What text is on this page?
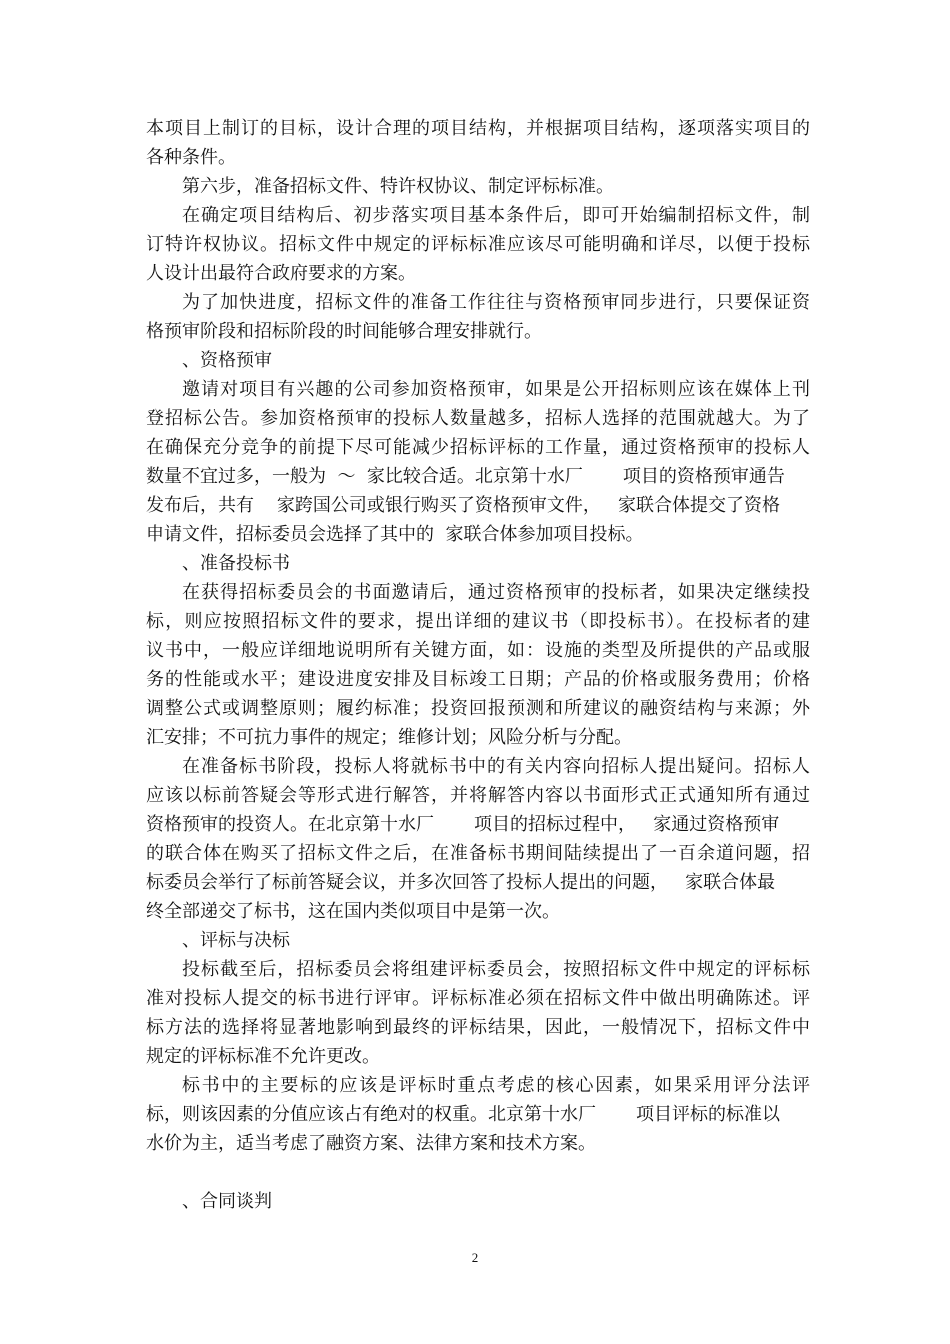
本项目上制订的目标，设计合理的项目结构，并根据项目结构，逐项落实项目的
各种条件。
第六步，准备招标文件、特许权协议、制定评标标准。
在确定项目结构后、初步落实项目基本条件后，即可开始编制招标文件，制
订特许权协议。招标文件中规定的评标标准应该尽可能明确和详尽，以便于投标
人设计出最符合政府要求的方案。
为了加快进度，招标文件的准备工作往往与资格预审同步进行，只要保证资
格预审阶段和招标阶段的时间能够合理安排就行。
、资格预审
邀请对项目有兴趣的公司参加资格预审，如果是公开招标则应该在媒体上刊
登招标公告。参加资格预审的投标人数量越多，招标人选择的范围就越大。为了
在确保充分竞争的前提下尽可能减少招标评标的工作量，通过资格预审的投标人
数量不宜过多，一般为  ～  家比较合适。北京第十水厂       项目的资格预审通告
发布后，共有    家跨国公司或银行购买了资格预审文件，   家联合体提交了资格
申请文件，招标委员会选择了其中的  家联合体参加项目投标。
、准备投标书
在获得招标委员会的书面邀请后，通过资格预审的投标者，如果决定继续投
标，则应按照招标文件的要求，提出详细的建议书（即投标书）。在投标者的建
议书中，一般应详细地说明所有关键方面，如：设施的类型及所提供的产品或服
务的性能或水平；建设进度安排及目标竣工日期；产品的价格或服务费用；价格
调整公式或调整原则；履约标准；投资回报预测和所建议的融资结构与来源；外
汇安排；不可抗力事件的规定；维修计划；风险分析与分配。
在准备标书阶段，投标人将就标书中的有关内容向招标人提出疑问。招标人
应该以标前答疑会等形式进行解答，并将解答内容以书面形式正式通知所有通过
资格预审的投资人。在北京第十水厂       项目的招标过程中，   家通过资格预审
的联合体在购买了招标文件之后，在准备标书期间陆续提出了一百余道问题，招
标委员会举行了标前答疑会议，并多次回答了投标人提出的问题，   家联合体最
终全部递交了标书，这在国内类似项目中是第一次。
、评标与决标
投标截至后，招标委员会将组建评标委员会，按照招标文件中规定的评标标
准对投标人提交的标书进行评审。评标标准必须在招标文件中做出明确陈述。评
标方法的选择将显著地影响到最终的评标结果，因此，一般情况下，招标文件中
规定的评标标准不允许更改。
标书中的主要标的应该是评标时重点考虑的核心因素，如果采用评分法评
标，则该因素的分值应该占有绝对的权重。北京第十水厂       项目评标的标准以
水价为主，适当考虑了融资方案、法律方案和技术方案。
、合同谈判
2
